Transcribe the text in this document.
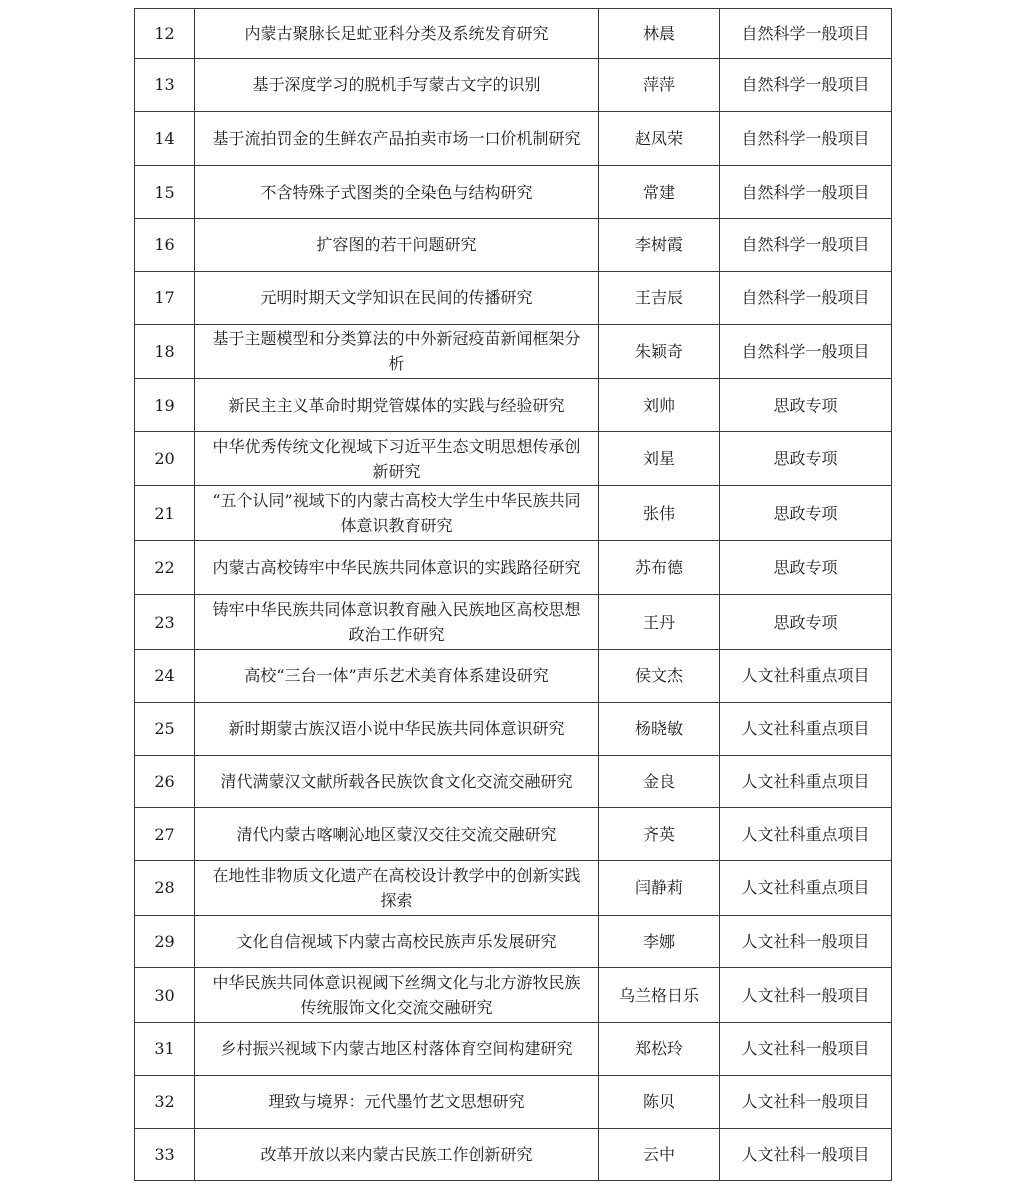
12	内蒙古聚脉长足虻亚科分类及系统发育研究	林晨	自然科学一般项目
13	基于深度学习的脱机手写蒙古文字的识别	萍萍	自然科学一般项目
14	基于流拍罚金的生鲜农产品拍卖市场一口价机制研究	赵凤荣	自然科学一般项目
15	不含特殊子式图类的全染色与结构研究	常建	自然科学一般项目
16	扩容图的若干问题研究	李树霞	自然科学一般项目
17	元明时期天文学知识在民间的传播研究	王吉辰	自然科学一般项目
18	基于主题模型和分类算法的中外新冠疫苗新闻框架分析	朱颖奇	自然科学一般项目
19	新民主主义革命时期党管媒体的实践与经验研究	刘帅	思政专项
20	中华优秀传统文化视域下习近平生态文明思想传承创新研究	刘星	思政专项
21	“五个认同”视域下的内蒙古高校大学生中华民族共同体意识教育研究	张伟	思政专项
22	内蒙古高校铸牢中华民族共同体意识的实践路径研究	苏布德	思政专项
23	铸牢中华民族共同体意识教育融入民族地区高校思想政治工作研究	王丹	思政专项
24	高校“三台一体”声乐艺术美育体系建设研究	侯文杰	人文社科重点项目
25	新时期蒙古族汉语小说中华民族共同体意识研究	杨晓敏	人文社科重点项目
26	清代满蒙汉文献所载各民族饮食文化交流交融研究	金良	人文社科重点项目
27	清代内蒙古喀喇沁地区蒙汉交往交流交融研究	齐英	人文社科重点项目
28	在地性非物质文化遗产在高校设计教学中的创新实践探索	闫静莉	人文社科重点项目
29	文化自信视域下内蒙古高校民族声乐发展研究	李娜	人文社科一般项目
30	中华民族共同体意识视阈下丝绸文化与北方游牧民族传统服饰文化交流交融研究	乌兰格日乐	人文社科一般项目
31	乡村振兴视域下内蒙古地区村落体育空间构建研究	郑松玲	人文社科一般项目
32	理致与境界：元代墨竹艺文思想研究	陈贝	人文社科一般项目
33	改革开放以来内蒙古民族工作创新研究	云中	人文社科一般项目
